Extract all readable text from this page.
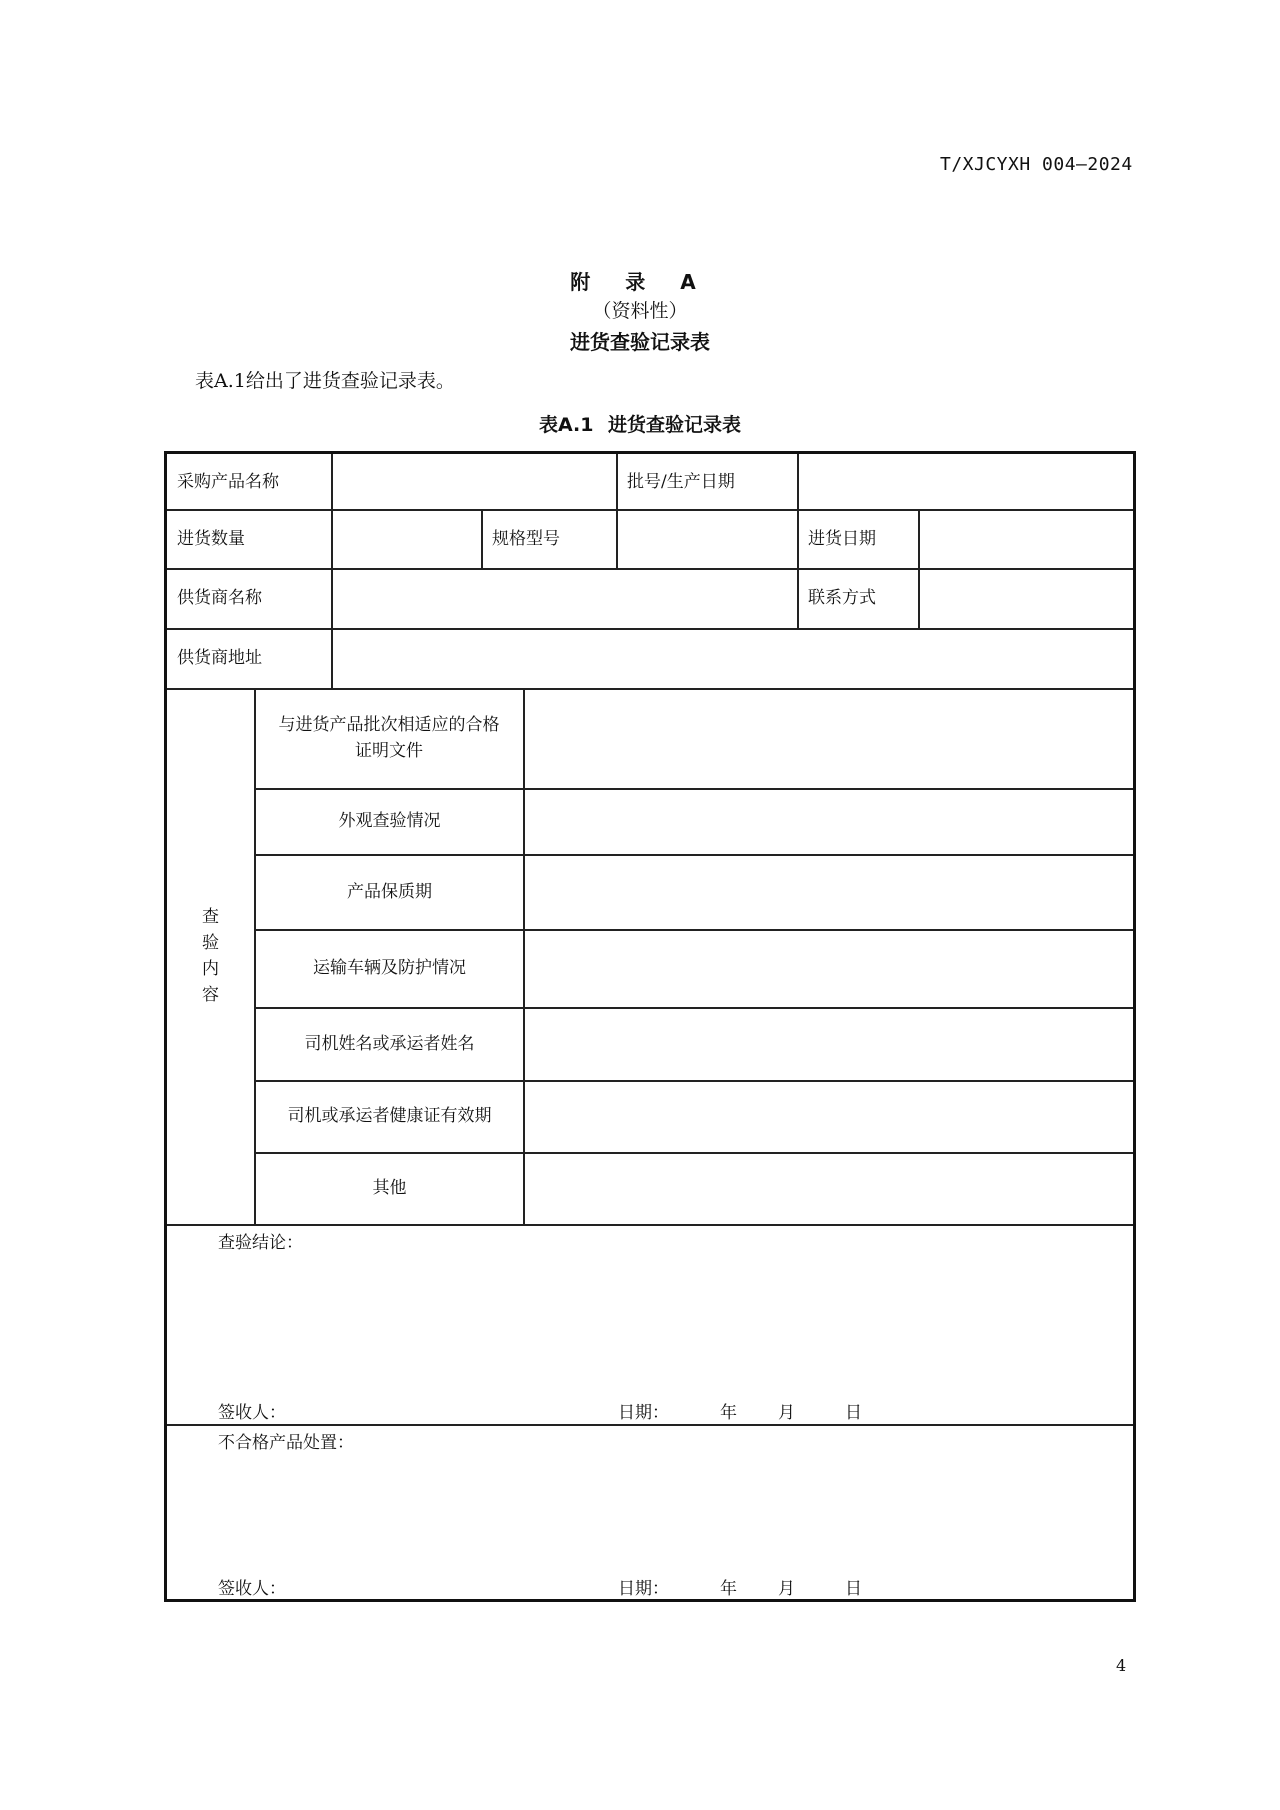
T/XJCYXH 004—2024
附 录 A
（资料性）
进货查验记录表
表A.1给出了进货查验记录表。
表A.1 进货查验记录表
采购产品名称	批号/生产日期
进货数量	规格型号	进货日期
供货商名称	联系方式
供货商地址
查
验
内
容
与进货产品批次相适应的合格证明文件
外观查验情况
产品保质期
运输车辆及防护情况
司机姓名或承运者姓名
司机或承运者健康证有效期
其他
查验结论：
签收人：	日期：	年 月	日
不合格产品处置：
签收人：	日期：	年 月	日
4
